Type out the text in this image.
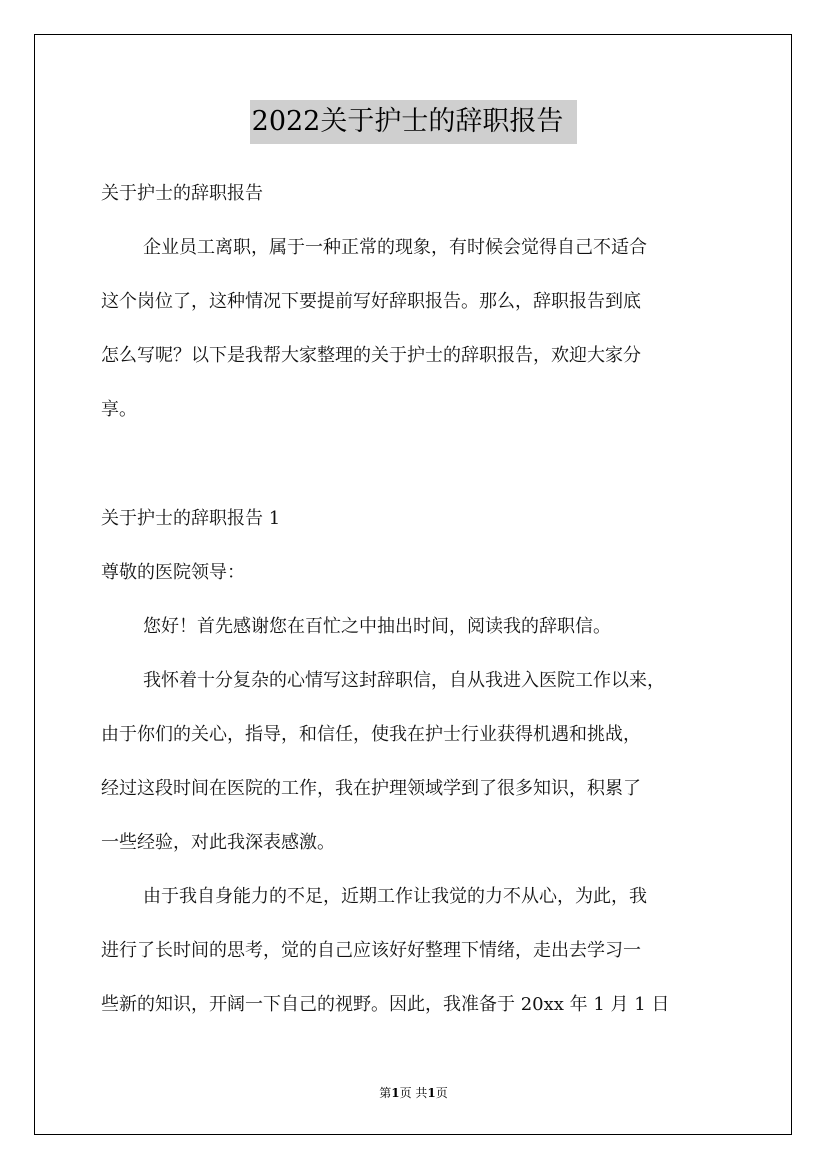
2022关于护士的辞职报告
关于护士的辞职报告
企业员工离职，属于一种正常的现象，有时候会觉得自己不适合
这个岗位了，这种情况下要提前写好辞职报告。那么，辞职报告到底
怎么写呢？以下是我帮大家整理的关于护士的辞职报告，欢迎大家分
享。
关于护士的辞职报告 1
尊敬的医院领导：
您好！首先感谢您在百忙之中抽出时间，阅读我的辞职信。
我怀着十分复杂的心情写这封辞职信，自从我进入医院工作以来，
由于你们的关心，指导，和信任，使我在护士行业获得机遇和挑战，
经过这段时间在医院的工作，我在护理领域学到了很多知识，积累了
一些经验，对此我深表感激。
由于我自身能力的不足，近期工作让我觉的力不从心，为此，我
进行了长时间的思考，觉的自己应该好好整理下情绪，走出去学习一
些新的知识，开阔一下自己的视野。因此，我准备于 20xx 年 1 月 1 日
第1页 共1页
